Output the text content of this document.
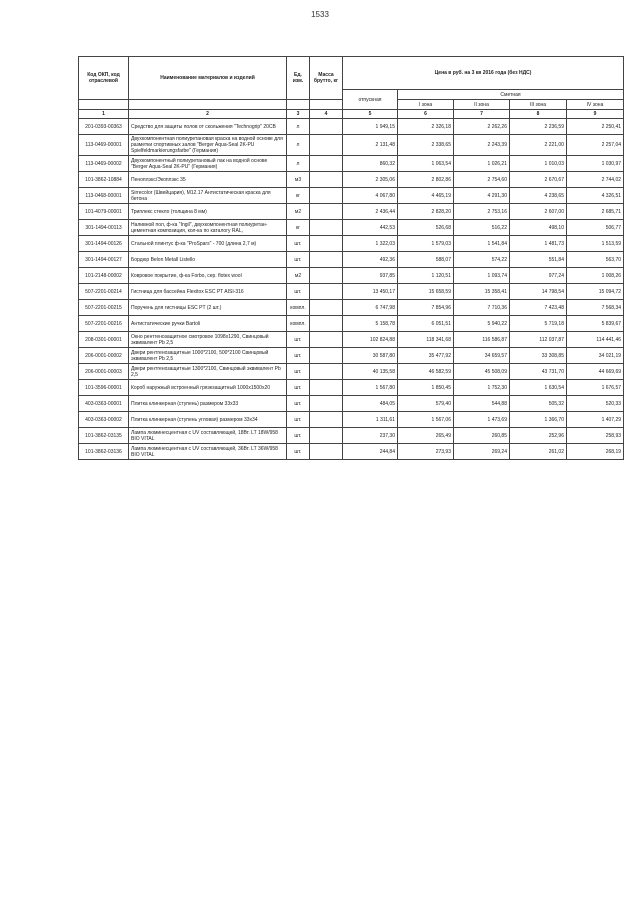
1533
Код ОКП, код отраслевой	Наименование материалов и изделий	Ед. изм.	Масса брутто, кг	Цена в руб. на 3 кв 2016 года (без НДС)				
				отпускная	Сметная			
					I зона	II зона	III зона	IV зона
1	2	3	4	5	6	7	8	9
201-0393-00363	Средство для защиты полов от скольжения "Technogrip" 20СВ	л		1 949,15	2 326,18	2 262,26	2 236,59	2 250,41
113-0469-00001	Двухкомпонентная полиуретановая краска на водной основе для разметки спортивных залов "Berger Aqua-Seal 2K-PU Spielfeldmarkierungsfarbe" (Германия)	л		2 131,48	2 338,65	2 243,39	2 221,00	2 257,04
113-0469-00002	Двухкомпонентный полиуретановый лак на водной основе "Berger Aqua-Seal 2K-PU" (Германия)	л		860,32	1 063,54	1 026,21	1 010,03	1 030,97
101-3862-10884	Пеноплэкс/Экоплэкс 35	м3		2 305,06	2 802,86	2 754,60	2 670,67	2 744,02
113-0468-00001	Sirrecolor (Швейцария), M12.17 Антистатическая краска для бетона	кг		4 067,80	4 465,19	4 291,30	4 238,65	4 326,51
101-4079-00001	Триплекс стекло (толщина 8 мм)	м2		2 436,44	2 828,20	2 753,16	2 607,00	2 685,71
301-1494-00113	Наливной пол, ф-ка "Ingil", двухкомпонентная полиуретан-цементная композиция, кол-ка по каталогу RAL,	кг		442,53	526,68	516,22	498,10	506,77
301-1494-00126	Стальной плинтус ф-ка "ProSpars" - 700 (длина 2,7 м)	шт.		1 322,03	1 579,03	1 541,84	1 481,73	1 513,59
301-1494-00127	Бордюр Belon Metall Listello	шт.		492,36	588,07	574,22	551,84	563,70
101-2148-00002	Ковровое покрытие, ф-ка Forbo, сер. flotex wool	м2		937,85	1 120,51	1 093,74	977,24	1 008,26
507-2201-00214	Гистница для бассейна Flexitox ESC PT AISI-316	шт.		13 450,17	15 658,59	15 358,41	14 798,54	15 094,72
507-2201-00215	Поручень для гистницы ESC PT (2 шт.)	компл.		6 747,98	7 854,96	7 710,36	7 423,48	7 568,34
507-2201-00216	Антистатические ручки Bartoli	компл.		5 158,78	6 051,51	5 940,22	5 719,18	5 839,67
208-0301-00001	Окно рентгенозащитное смотровое 1098х1290, Свинцовый эквивалент Pb 2,5	шт.		102 824,88	118 341,68	116 586,87	112 037,87	114 441,46
206-0001-00002	Двери рентгенозащитные 1000*2100, 500*2100 Свинцовый эквивалент Pb 2,5	шт.		30 587,80	35 477,92	34 659,57	33 308,85	34 021,19
206-0001-00003	Двери рентгенозащитные 1300*2100, Свинцовый эквивалент Pb 2,5	шт.		40 135,58	46 582,59	45 508,09	43 731,70	44 669,69
101-3596-00001	Короб наружный встроенный грязезащитный 1000х1500х20	шт.		1 567,80	1 850,45	1 752,30	1 630,54	1 676,57
403-0363-00001	Плитка клинкерная (ступень) размером 33х33	шт.		484,05	579,40	544,88	505,32	520,33
403-0363-00002	Плитка клинкерная (ступень угловая) размером 33х34	шт.		1 311,61	1 567,06	1 473,69	1 366,70	1 407,29
101-3862-03135	Лампа люминесцентная с UV составляющей, 18Вт. LT 18W/958 BIO VITAL	шт.		237,30	265,49	260,85	252,96	258,93
101-3862-03136	Лампа люминесцентная с UV составляющей, 36Вт. LT 36W/958 BIO VITAL	шт.		244,84	273,93	269,24	261,02	268,19
